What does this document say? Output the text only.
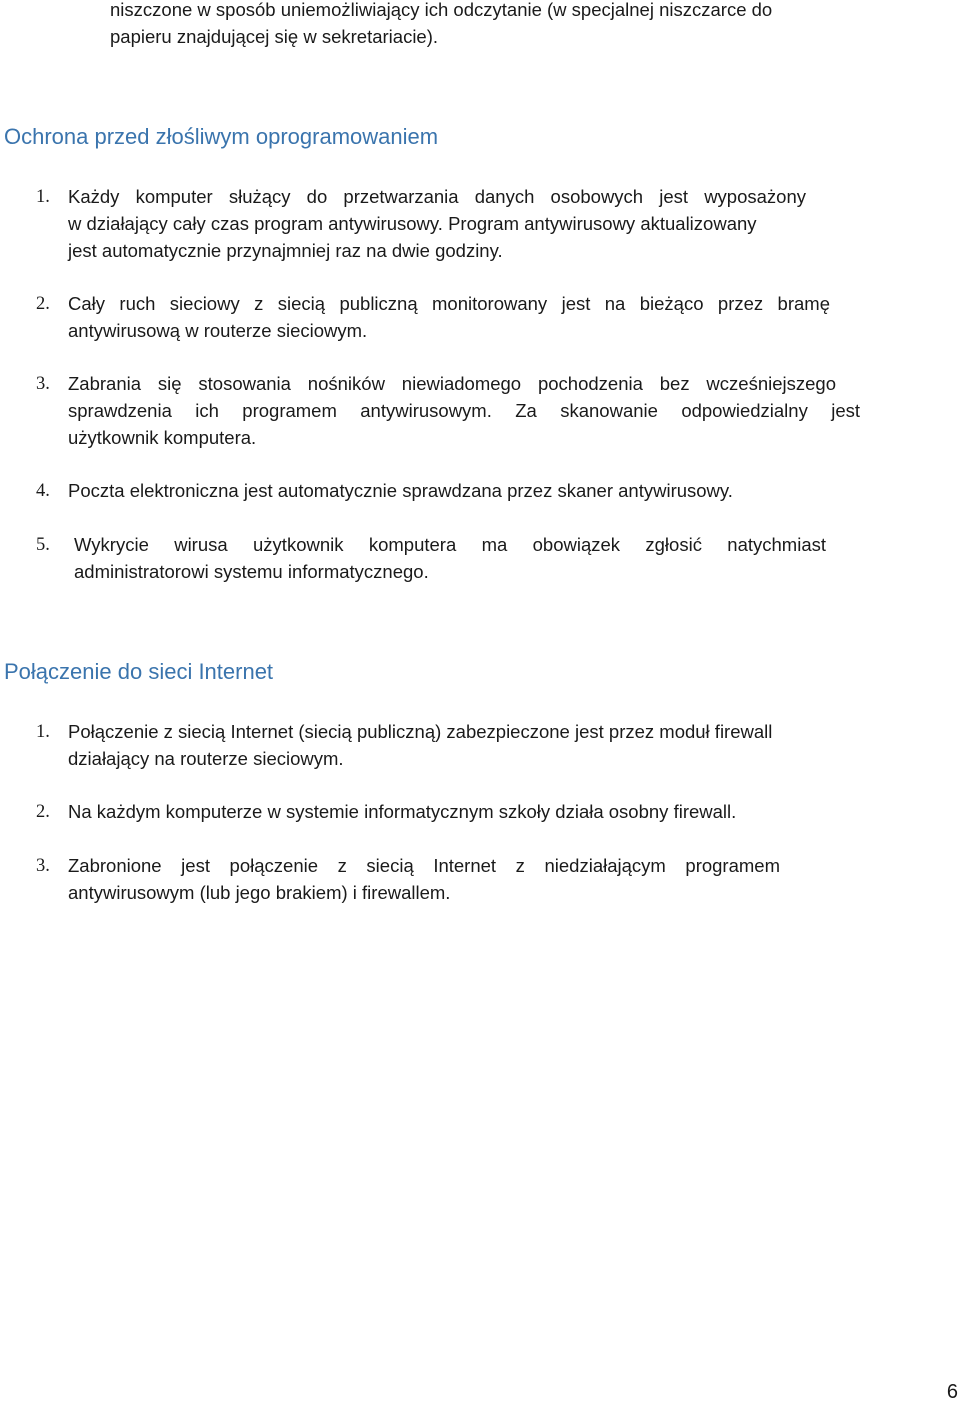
niszczone w sposób uniemożliwiający ich odczytanie (w specjalnej niszczarce do
papieru znajdującej się w sekretariacie).
Ochrona przed złośliwym oprogramowaniem
1. Każdy komputer służący do przetwarzania danych osobowych jest wyposażony
w działający cały czas program antywirusowy. Program antywirusowy aktualizowany
jest automatycznie przynajmniej raz na dwie godziny.
2. Cały ruch sieciowy z siecią publiczną monitorowany jest na bieżąco przez bramę
antywirusową w routerze sieciowym.
3. Zabrania się stosowania nośników niewiadomego pochodzenia bez wcześniejszego
sprawdzenia ich programem antywirusowym. Za skanowanie odpowiedzialny jest
użytkownik komputera.
4. Poczta elektroniczna jest automatycznie sprawdzana przez skaner antywirusowy.
5. Wykrycie wirusa użytkownik komputera ma obowiązek zgłosić natychmiast
administratorowi systemu informatycznego.
Połączenie do sieci Internet
1. Połączenie z siecią Internet (siecią publiczną) zabezpieczone jest przez moduł firewall
działający na routerze sieciowym.
2. Na każdym komputerze w systemie informatycznym szkoły działa osobny firewall.
3. Zabronione jest połączenie z siecią Internet z niedziałającym programem
antywirusowym (lub jego brakiem) i firewallem.
6
